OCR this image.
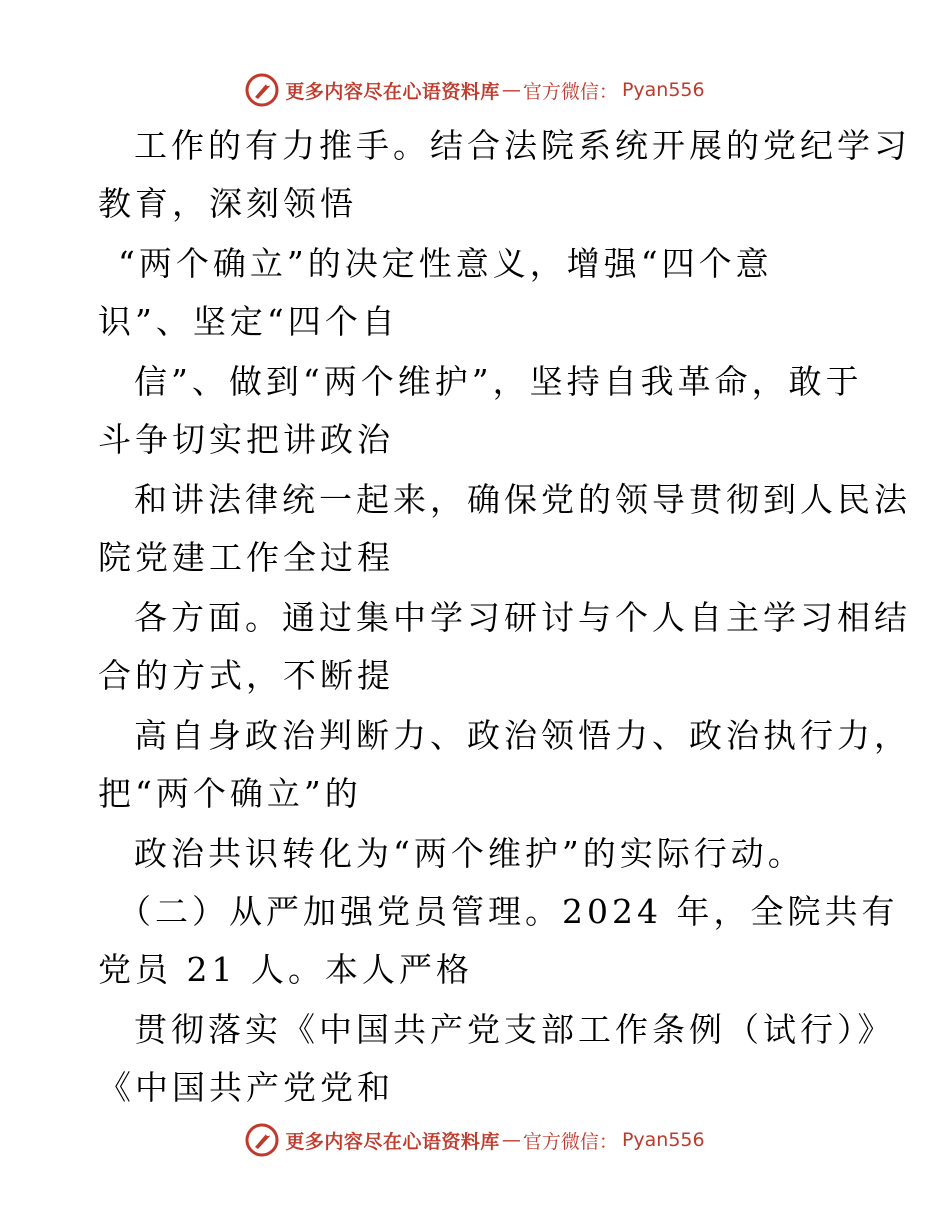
更多内容尽在心语资料库 — 官方微信： Pyan556
工作的有力推手。结合法院系统开展的党纪学习
教育，深刻领悟
“两个确立”的决定性意义，增强“四个意
识”、坚定“四个自
信”、做到“两个维护”，坚持自我革命，敢于
斗争切实把讲政治
和讲法律统一起来，确保党的领导贯彻到人民法
院党建工作全过程
各方面。通过集中学习研讨与个人自主学习相结
合的方式，不断提
高自身政治判断力、政治领悟力、政治执行力，
把“两个确立”的
政治共识转化为“两个维护”的实际行动。
（二）从严加强党员管理。2024 年，全院共有
党员 21 人。本人严格
贯彻落实《中国共产党支部工作条例（试行）》
《中国共产党党和
更多内容尽在心语资料库 — 官方微信： Pyan556
